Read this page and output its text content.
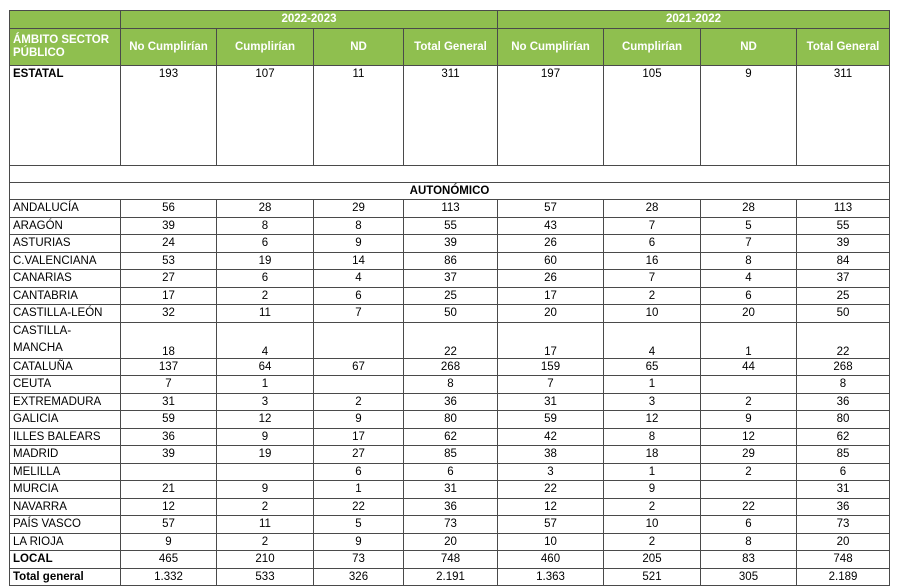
	2022-2023				2021-2022			
ÁMBITO SECTOR PÚBLICO	No Cumplirían	Cumplirían	ND	Total General	No Cumplirían	Cumplirían	ND	Total General
ESTATAL	193	107	11	311	197	105	9	311

AUTONÓMICO								
ANDALUCÍA	56	28	29	113	57	28	28	113
ARAGÓN	39	8	8	55	43	7	5	55
ASTURIAS	24	6	9	39	26	6	7	39
C.VALENCIANA	53	19	14	86	60	16	8	84
CANARIAS	27	6	4	37	26	7	4	37
CANTABRIA	17	2	6	25	17	2	6	25
CASTILLA-LEÓN	32	11	7	50	20	10	20	50
CASTILLA-MANCHA	18	4		22	17	4	1	22
CATALUÑA	137	64	67	268	159	65	44	268
CEUTA	7	1		8	7	1		8
EXTREMADURA	31	3	2	36	31	3	2	36
GALICIA	59	12	9	80	59	12	9	80
ILLES BALEARS	36	9	17	62	42	8	12	62
MADRID	39	19	27	85	38	18	29	85
MELILLA			6	6	3	1	2	6
MURCIA	21	9	1	31	22	9		31
NAVARRA	12	2	22	36	12	2	22	36
PAÍS VASCO	57	11	5	73	57	10	6	73
LA RIOJA	9	2	9	20	10	2	8	20
LOCAL	465	210	73	748	460	205	83	748
Total general	1.332	533	326	2.191	1.363	521	305	2.189
